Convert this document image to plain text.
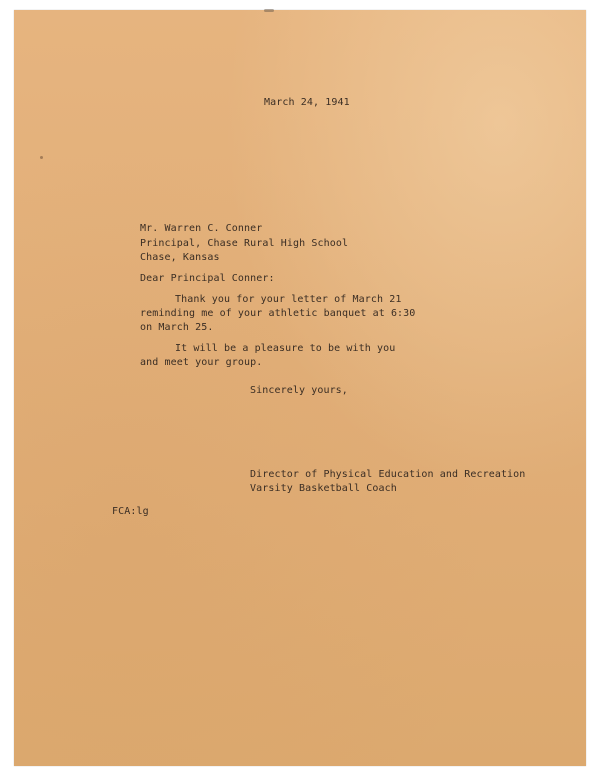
March 24, 1941
Mr. Warren C. Conner
Principal, Chase Rural High School
Chase, Kansas
Dear Principal Conner:
Thank you for your letter of March 21
reminding me of your athletic banquet at 6:30
on March 25.
It will be a pleasure to be with you
and meet your group.
Sincerely yours,
Director of Physical Education and Recreation
Varsity Basketball Coach
FCA:lg
